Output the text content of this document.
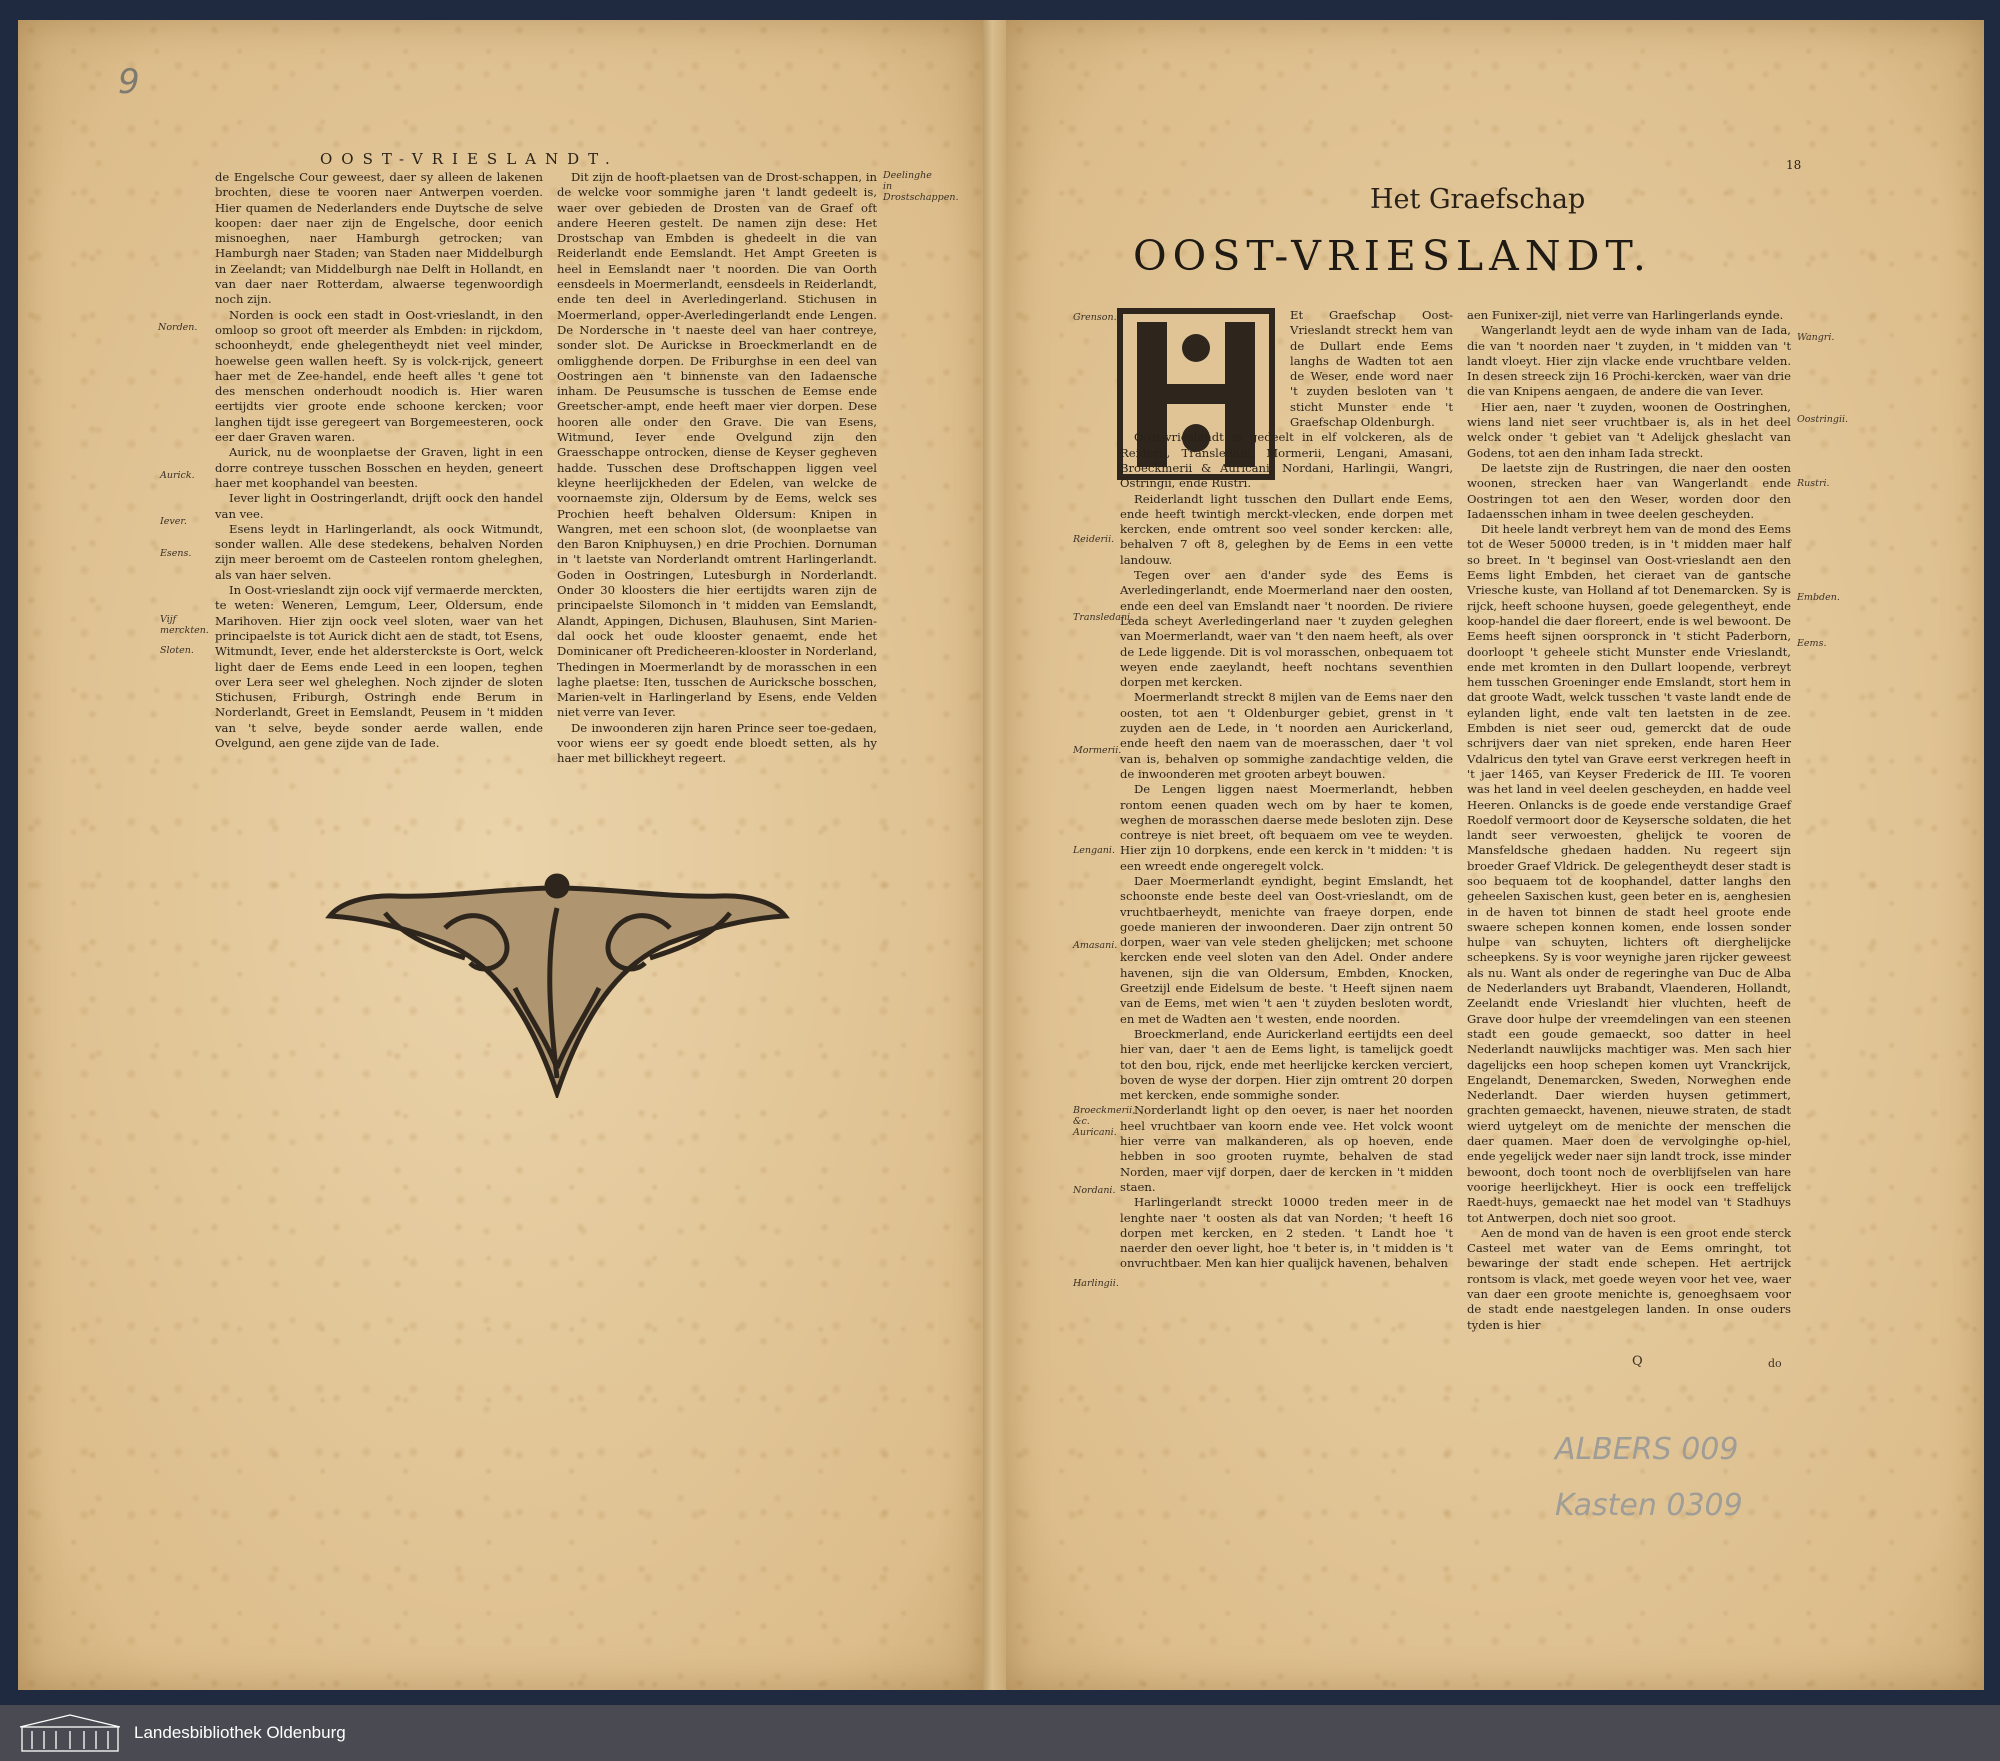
9
OOST-VRIESLANDT.

de Engelsche Cour geweest, daer sy alleen de lakenen brochten, diese te vooren naer Antwerpen voerden. Hier quamen de Nederlanders ende Duytsche de selve koopen: daer naer zijn de Engelsche, door eenich misnoeghen, naer Hamburgh getrocken; van Hamburgh naer Staden; van Staden naer Middelburgh in Zeelandt; van Middelburgh nae Delft in Hollandt, en van daer naer Rotterdam, alwaerse tegenwoordigh noch zijn.

Norden is oock een stadt in Oost-vrieslandt, in den omloop so groot oft meerder als Embden: in rijckdom, schoonheydt, ende ghelegentheydt niet veel minder, hoewelse geen wallen heeft. Sy is volck-rijck, geneert haer met de Zee-handel, ende heeft alles 't gene tot des menschen onderhoudt noodich is. Hier waren eertijdts vier groote ende schoone kercken; voor langhen tijdt isse geregeert van Borgemeesteren, oock eer daer Graven waren.

Aurick, nu de woonplaetse der Graven, light in een dorre contreye tusschen Bosschen en heyden, geneert haer met koophandel van beesten.

Iever light in Oostringerlandt, drijft oock den handel van vee.

Esens leydt in Harlingerlandt, als oock Witmundt, sonder wallen. Alle dese stedekens, behalven Norden zijn meer beroemt om de Casteelen rontom gheleghen, als van haer selven.

In Oost-vrieslandt zijn oock vijf vermaerde merckten, te weten: Weneren, Lemgum, Leer, Oldersum, ende Marihoven. Hier zijn oock veel sloten, waer van het principaelste is tot Aurick dicht aen de stadt, tot Esens, Witmundt, Iever, ende het aldersterckste is Oort, welck light daer de Eems ende Leed in een loopen, teghen over Lera seer wel gheleghen. Noch zijnder de sloten Stichusen, Friburgh, Ostringh ende Berum in Norderlandt, Greet in Eemslandt, Peusem in 't midden van 't selve, beyde sonder aerde wallen, ende Ovelgund, aen gene zijde van de Iade.

Dit zijn de hooft-plaetsen van de Drost-schappen, in de welcke voor sommighe jaren 't landt gedeelt is, waer over gebieden de Drosten van de Graef oft andere Heeren gestelt. De namen zijn dese: Het Drostschap van Embden is ghedeelt in die van Reiderlandt ende Eemslandt. Het Ampt Greeten is heel in Eemslandt naer 't noorden. Die van Oorth eensdeels in Moermerlandt, eensdeels in Reiderlandt, ende ten deel in Averledingerland. Stichusen in Moermerland, opper-Averledingerlandt ende Lengen. De Norderschе in 't naeste deel van haer contreye, sonder slot. De Aurickse in Broeckmerlandt en de omligghende dorpen. De Friburghse in een deel van Oostringen aen 't binnenste van den Iadaensche inham. De Peusumsche is tusschen de Eemse ende Greetscher-ampt, ende heeft maer vier dorpen. Dese hooren alle onder den Grave. Die van Esens, Witmund, Iever ende Ovelgund zijn den Graesschappe ontrocken, diense de Keyser gegheven hadde. Tusschen dese Droftschappen liggen veel kleyne heerlijckheden der Edelen, van welcke de voornaemste zijn, Oldersum by de Eems, welck ses Prochien heeft behalven Oldersum: Knipen in Wangren, met een schoon slot, (de woonplaetse van den Baron Kniphuysen,) en drie Prochien. Dornuman in 't laetste van Norderlandt omtrent Harlingerlandt. Goden in Oostringen, Lutesburgh in Norderlandt. Onder 30 kloosters die hier eertijdts waren zijn de principaelste Silomonch in 't midden van Eemslandt, Alandt, Appingen, Dichusen, Blauhusen, Sint Marien-dal oock het oude klooster genaemt, ende het Dominicaner oft Predicheeren-klooster in Norderland, Thedingen in Moermerlandt by de morasschen in een laghe plaetse: Iten, tusschen de Aurickschе bosschen, Marien-velt in Harlingerland by Esens, ende Velden niet verre van Iever.

De inwoonderen zijn haren Prince seer toe-gedaen, voor wiens eer sy goedt ende bloedt setten, als hy haer met billickheyt regeert.

Norden.
Aurick.
Iever.
Esens.
Vijf merckten.
Sloten.
Deelinghe in Drostschappen.
18
Het Graefschap
OOST-VRIESLANDT.

Et Graefschap Oost-Vrieslandt streckt hem van de Dullart ende Eems langhs de Wadten tot aen de Weser, ende word naer 't zuyden besloten van 't sticht Munster ende 't Graefschap Oldenburgh.

Oost-vrieslandt is gedeelt in elf volckeren, als de Reiderii, Transledani, Mormerii, Lengani, Amasani, Broeckmerii & Auricani, Nordani, Harlingii, Wangri, Ostringii, ende Rustri.

Reiderlandt light tusschen den Dullart ende Eems, ende heeft twintigh merckt-vlecken, ende dorpen met kercken, ende omtrent soo veel sonder kercken: alle, behalven 7 oft 8, geleghen by de Eems in een vette landouw.

Tegen over aen d'ander syde des Eems is Averledingerlandt, ende Moermerland naer den oosten, ende een deel van Emslandt naer 't noorden. De riviere Leda scheyt Averledingerland naer 't zuyden geleghen van Moermerlandt, waer van 't den naem heeft, als over de Lede liggende. Dit is vol morasschen, onbequaem tot weyen ende zaeylandt, heeft nochtans seventhien dorpen met kercken.

Moermerlandt streckt 8 mijlen van de Eems naer den oosten, tot aen 't Oldenburger gebiet, grenst in 't zuyden aen de Lede, in 't noorden aen Aurickerland, ende heeft den naem van de moerasschen, daer 't vol van is, behalven op sommighe zandachtige velden, die de inwoonderen met grooten arbeyt bouwen.

De Lengen liggen naest Moermerlandt, hebben rontom eenen quaden wech om by haer te komen, weghen de morasschen daerse mede besloten zijn. Dese contreye is niet breet, oft bequaem om vee te weyden. Hier zijn 10 dorpkens, ende een kerck in 't midden: 't is een wreedt ende ongeregelt volck.

Daer Moermerlandt eyndight, begint Emslandt, het schoonste ende beste deel van Oost-vrieslandt, om de vruchtbaerheydt, menichte van fraeye dorpen, ende goede manieren der inwoonderen. Daer zijn ontrent 50 dorpen, waer van vele steden ghelijcken; met schoone kercken ende veel sloten van den Adel. Onder andere havenen, sijn die van Oldersum, Embden, Knocken, Greetzijl ende Eidelsum de beste. 't Heeft sijnen naem van de Eems, met wien 't aen 't zuyden besloten wordt, en met de Wadten aen 't westen, ende noorden.

Broeckmerland, ende Aurickerland eertijdts een deel hier van, daer 't aen de Eems light, is tamelijck goedt tot den bou, rijck, ende met heerlijcke kercken verciert, boven de wyse der dorpen. Hier zijn omtrent 20 dorpen met kercken, ende sommighe sonder.

Norderlandt light op den oever, is naer het noorden heel vruchtbaer van koorn ende vee. Het volck woont hier verre van malkanderen, als op hoeven, ende hebben in soo grooten ruymte, behalven de stad Norden, maer vijf dorpen, daer de kercken in 't midden staen.

Harlingerlandt streckt 10000 treden meer in de lenghte naer 't oosten als dat van Norden; 't heeft 16 dorpen met kercken, en 2 steden. 't Landt hoe 't naerder den oever light, hoe 't beter is, in 't midden is 't onvruchtbaer. Men kan hier qualijck havenen, behalven

aen Funixer-zijl, niet verre van Harlingerlands eynde.

Wangerlandt leydt aen de wyde inham van de Iada, die van 't noorden naer 't zuyden, in 't midden van 't landt vloeyt. Hier zijn vlacke ende vruchtbare velden. In desen streeck zijn 16 Prochi-kercken, waer van drie die van Knipens aengaen, de andere die van Iever.

Hier aen, naer 't zuyden, woonen de Oostringhen, wiens land niet seer vruchtbaer is, als in het deel welck onder 't gebiet van 't Adelijck gheslacht van Godens, tot aen den inham Iada streckt.

De laetste zijn de Rustringen, die naer den oosten woonen, strecken haer van Wangerlandt ende Oostringen tot aen den Weser, worden door den Iadaensschen inham in twee deelen gescheyden.

Dit heele landt verbreyt hem van de mond des Eems tot de Weser 50000 treden, is in 't midden maer half so breet. In 't beginsel van Oost-vrieslandt aen den Eems light Embden, het cieraet van de gantsche Vriesche kuste, van Holland af tot Denemarcken. Sy is rijck, heeft schoone huysen, goede gelegentheyt, ende koop-handel die daer floreert, ende is wel bewoont. De Eems heeft sijnen oorspronck in 't sticht Paderborn, doorloopt 't geheele sticht Munster ende Vrieslandt, ende met kromten in den Dullart loopende, verbreyt hem tusschen Groeninger ende Emslandt, stort hem in dat groote Wadt, welck tusschen 't vaste landt ende de eylanden light, ende valt ten laetsten in de zee. Embden is niet seer oud, gemerckt dat de oude schrijvers daer van niet spreken, ende haren Heer Vdalricus den tytel van Grave eerst verkregen heeft in 't jaer 1465, van Keyser Frederick de III. Te vooren was het land in veel deelen gescheyden, en hadde veel Heeren. Onlancks is de goede ende verstandige Graef Roedolf vermoort door de Keyserschе soldaten, die het landt seer verwoesten, ghelijck te vooren de Mansfeldsche ghedaen hadden. Nu regeert sijn broeder Graef Vldrick. De gelegentheydt deser stadt is soo bequaem tot de koophandel, datter langhs den geheelen Saxischen kust, geen beter en is, aenghesien in de haven tot binnen de stadt heel groote ende swaere schepen konnen komen, ende lossen sonder hulpe van schuyten, lichters oft dierghelijcke scheepkens. Sy is voor weynighe jaren rijcker geweest als nu. Want als onder de regeringhe van Duc de Alba de Nederlanders uyt Brabandt, Vlaenderen, Hollandt, Zeelandt ende Vrieslandt hier vluchten, heeft de Grave door hulpe der vreemdelingen van een steenen stadt een goude gemaeckt, soo datter in heel Nederlandt nauwlijcks machtiger was. Men sach hier dagelijcks een hoop schepen komen uyt Vranckrijck, Engelandt, Denemarcken, Sweden, Norweghen ende Nederlandt. Daer wierden huysen getimmert, grachten gemaeckt, havenen, nieuwe straten, de stadt wierd uytgeleyt om de menichte der menschen die daer quamen. Maer doen de vervolginghe op-hiel, ende yegelijck weder naer sijn landt trock, isse minder bewoont, doch toont noch de overblijfselen van hare voorige heerlijckheyt. Hier is oock een treffelijck Raedt-huys, gemaeckt nae het model van 't Stadhuys tot Antwerpen, doch niet soo groot.

Aen de mond van de haven is een groot ende sterck Casteel met water van de Eems omringht, tot bewaringe der stadt ende schepen. Het aertrijck rontsom is vlack, met goede weyen voor het vee, waer van daer een groote menichte is, genoeghsaem voor de stadt ende naestgelegen landen. In onse ouders tyden is hier

Grenson.
Reiderii.
Transledani.
Mormerii.
Lengani.
Amasani.
Broeckmerii, &c. Auricani.
Nordani.
Harlingii.
Wangri.
Oostringii.
Rustri.
Embden.
Eems.
Q	do
ALBERS 009
Kasten 0309
Landesbibliothek Oldenburg
